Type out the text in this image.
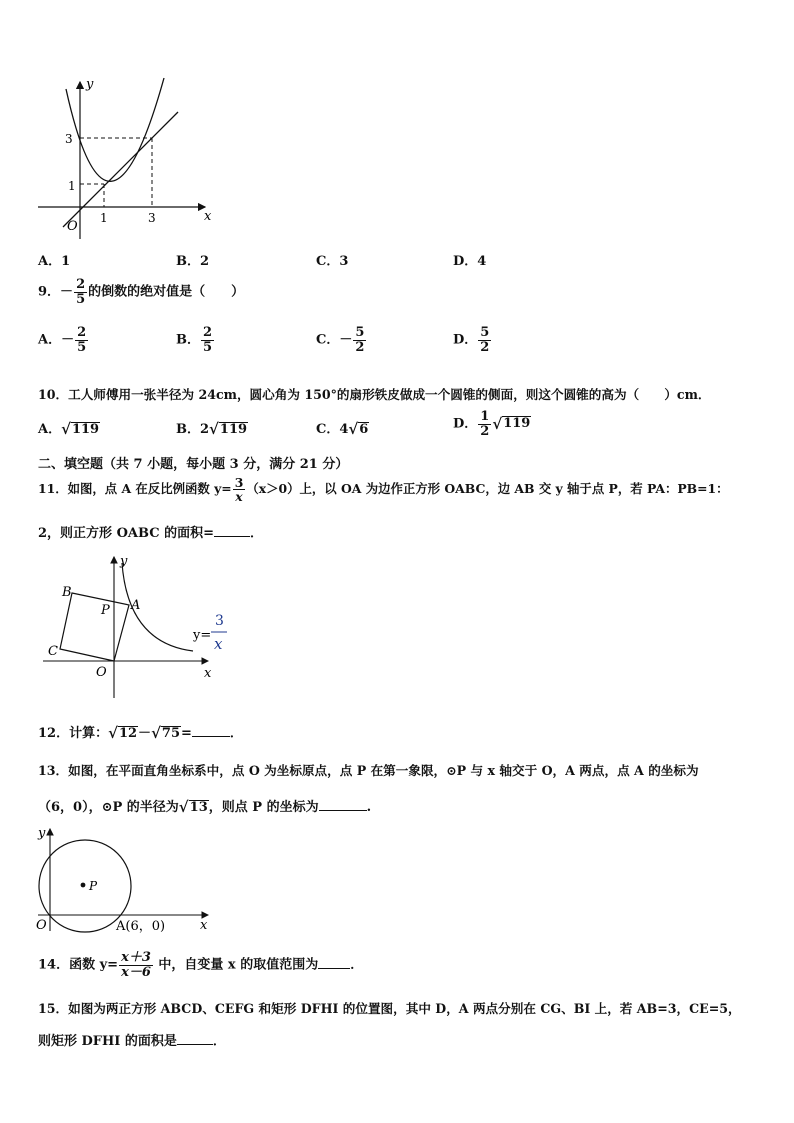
y
x
O
3
1
1	3
A．1	B．2	C．3	D．4
9．－ $\frac{2}{5}$ 的倒数的绝对值是（　　）
A．－ $\frac{2}{5}$	B． $\frac{2}{5}$	C．－ $\frac{5}{2}$	D． $\frac{5}{2}$
10．工人师傅用一张半径为 24cm，圆心角为 150°的扇形铁皮做成一个圆锥的侧面，则这个圆锥的高为（　　）cm．
A． √ 119	B．2 √ 119	C．4 √ 6	D． $\frac{1}{2}$ √ 119
二、填空题（共 7 小题，每小题 3 分，满分 21 分）
11．如图，点 A 在反比例函数 $y= \frac{3}{x} (x>0)$上，以 OA 为边作正方形 OABC，边 AB 交 y 轴于点 P，若 PA：PB=1：
2，则正方形 OABC 的面积=	．
B
P A
C
O	x
y
y=
3
x
12．计算： √ 12 － √ 75 =	．
13．如图，在平面直角坐标系中，点 O 为坐标原点，点 P 在第一象限，⊙P 与 x 轴交于 O，A 两点，点 A 的坐标为
（6，0），⊙P 的半径为 √ 13 ，则点 P 的坐标为	.
P
y
O	x
A(6，0)
14．函数 $y= \frac{x+3}{x-6}$ 中，自变量 x 的取值范围为 ．
15．如图为两正方形 ABCD、CEFG 和矩形 DFHI 的位置图，其中 D，A 两点分别在 CG、BI 上，若 AB=3，CE=5，
则矩形 DFHI 的面积是	．
